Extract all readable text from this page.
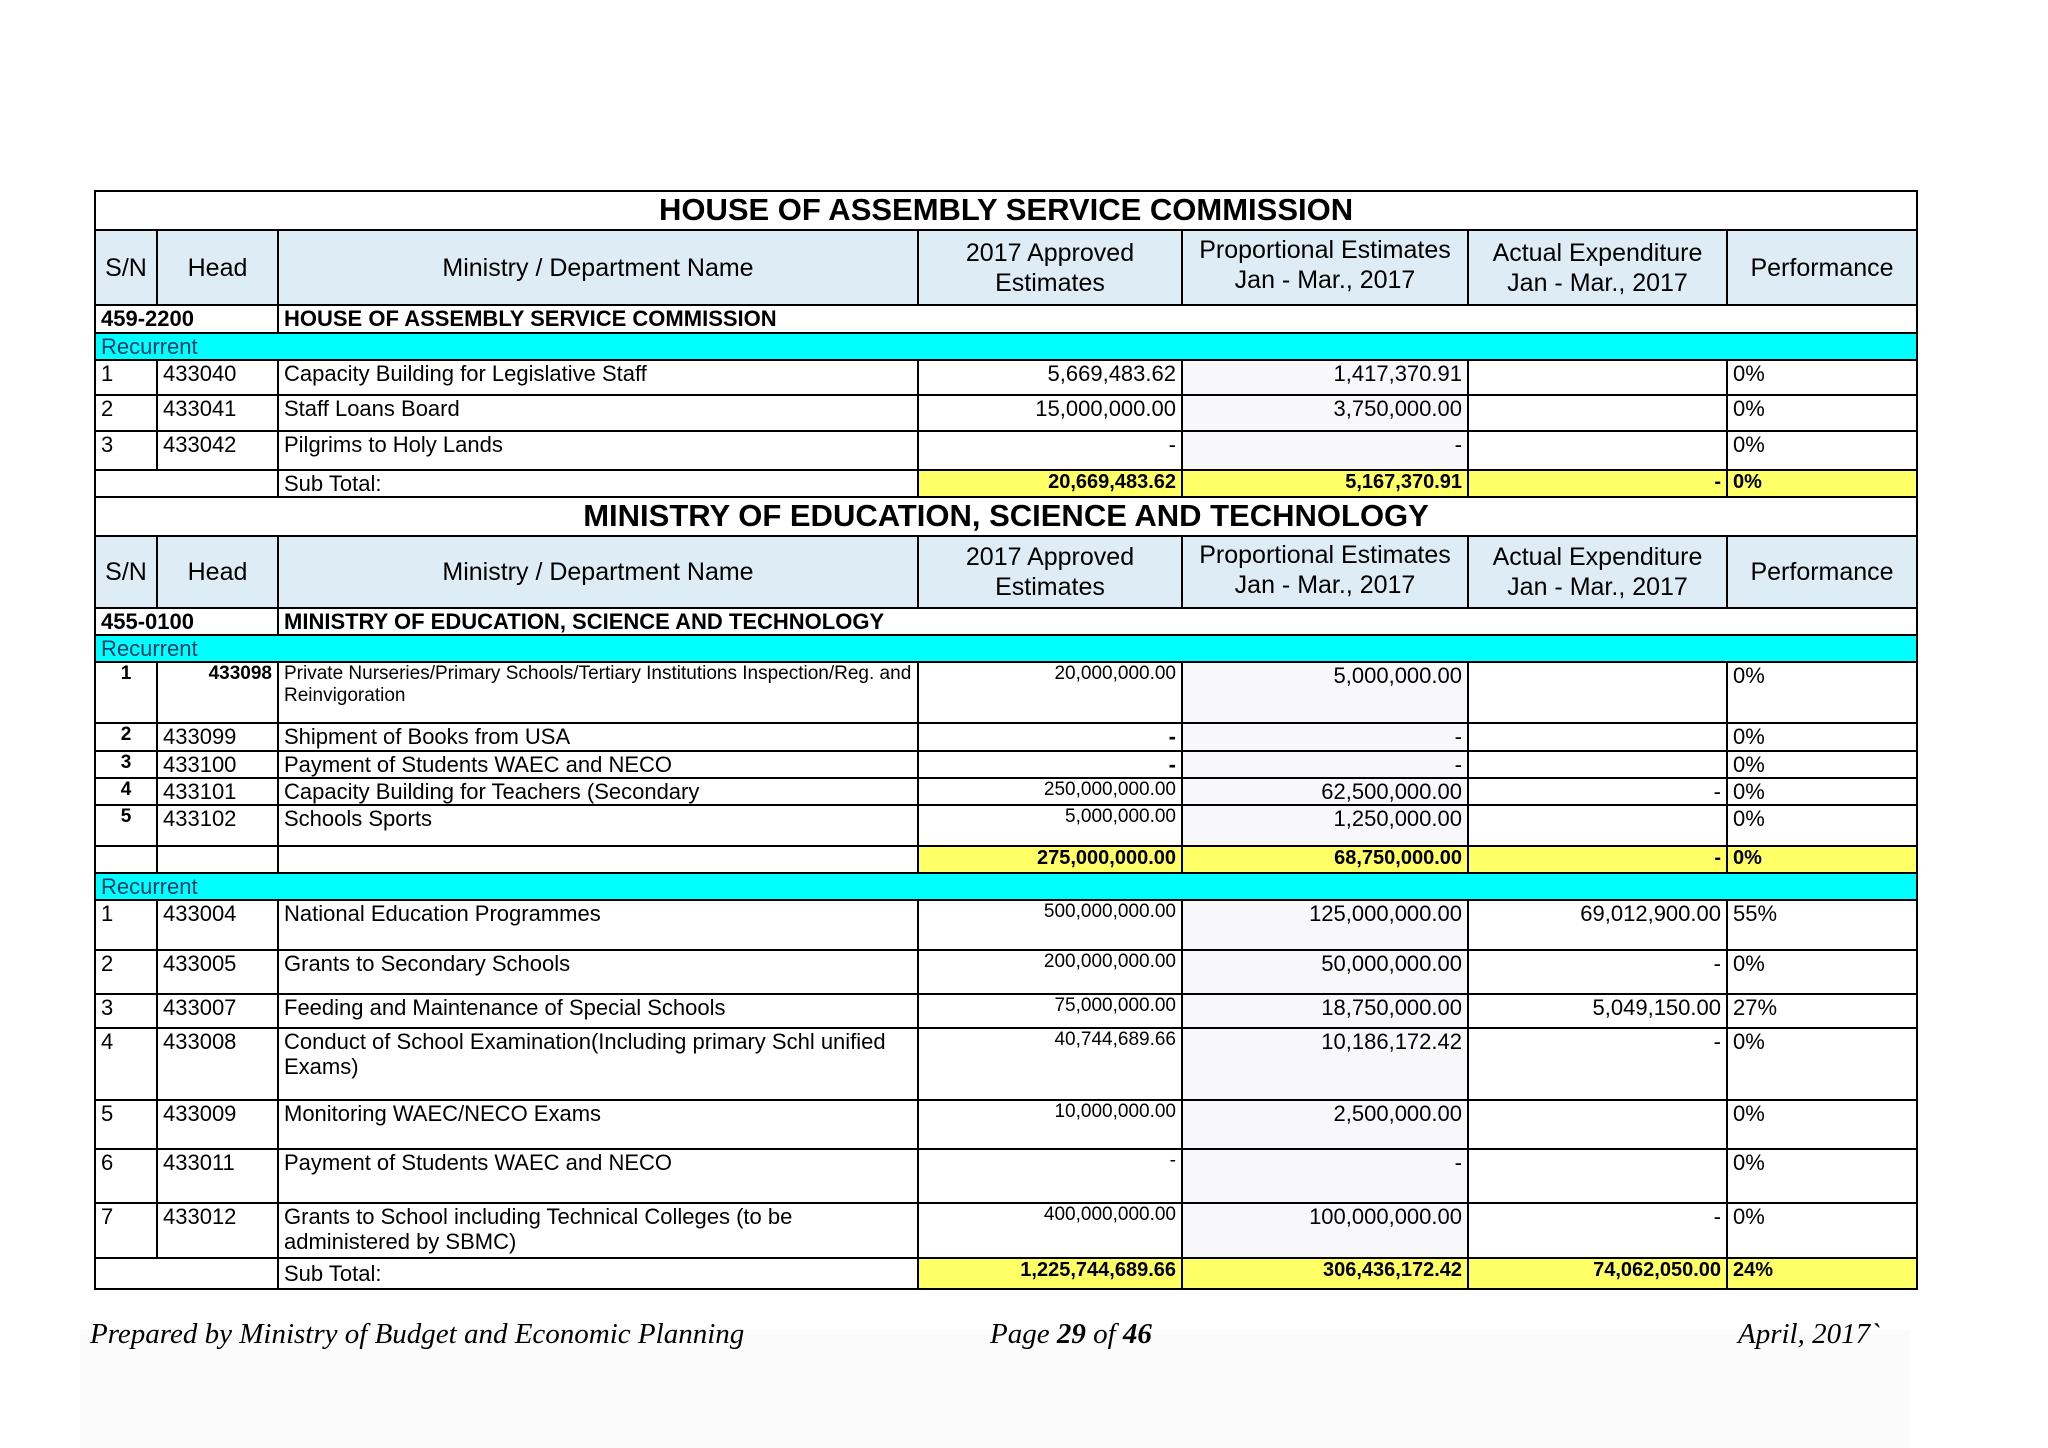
HOUSE OF ASSEMBLY SERVICE COMMISSION						
S/N	Head	Ministry / Department Name	2017 Approved Estimates	Proportional Estimates Jan - Mar., 2017	Actual Expenditure Jan - Mar., 2017	Performance
459-2200		HOUSE OF ASSEMBLY SERVICE COMMISSION				
Recurrent						
1	433040	Capacity Building for Legislative Staff	5,669,483.62	1,417,370.91		0%
2	433041	Staff Loans Board	15,000,000.00	3,750,000.00		0%
3	433042	Pilgrims to Holy Lands	-	-		0%
		Sub Total:	20,669,483.62	5,167,370.91	-	0%
MINISTRY OF EDUCATION, SCIENCE AND TECHNOLOGY						
S/N	Head	Ministry / Department Name	2017 Approved Estimates	Proportional Estimates Jan - Mar., 2017	Actual Expenditure Jan - Mar., 2017	Performance
455-0100		MINISTRY OF EDUCATION, SCIENCE AND TECHNOLOGY				
Recurrent						
1	433098	Private Nurseries/Primary Schools/Tertiary Institutions Inspection/Reg. and Reinvigoration	20,000,000.00	5,000,000.00		0%
2	433099	Shipment of Books from USA	-	-		0%
3	433100	Payment of Students WAEC and NECO	-	-		0%
4	433101	Capacity Building for Teachers (Secondary	250,000,000.00	62,500,000.00	-	0%
5	433102	Schools Sports	5,000,000.00	1,250,000.00		0%
			275,000,000.00	68,750,000.00	-	0%
Recurrent						
1	433004	National Education Programmes	500,000,000.00	125,000,000.00	69,012,900.00	55%
2	433005	Grants to Secondary Schools	200,000,000.00	50,000,000.00	-	0%
3	433007	Feeding and Maintenance of Special Schools	75,000,000.00	18,750,000.00	5,049,150.00	27%
4	433008	Conduct of School Examination(Including primary Schl unified Exams)	40,744,689.66	10,186,172.42	-	0%
5	433009	Monitoring WAEC/NECO Exams	10,000,000.00	2,500,000.00		0%
6	433011	Payment of Students WAEC and NECO	-	-		0%
7	433012	Grants to School including Technical Colleges (to be administered by SBMC)	400,000,000.00	100,000,000.00	-	0%
		Sub Total:	1,225,744,689.66	306,436,172.42	74,062,050.00	24%
Prepared by Ministry of Budget and Economic Planning	Page 29 of 46	April, 2017`
